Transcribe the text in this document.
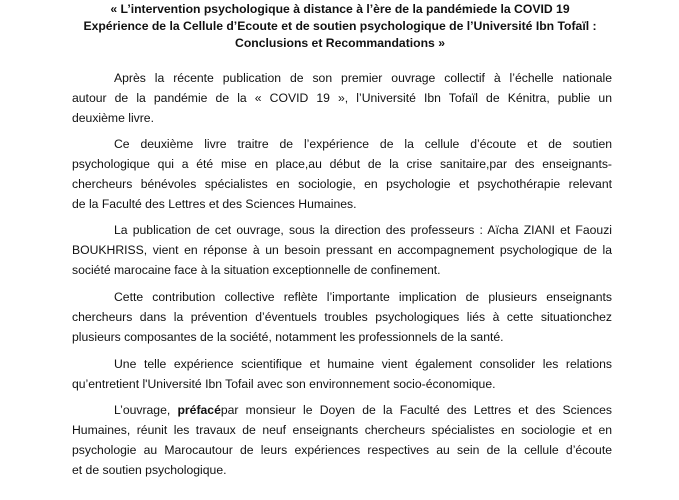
« L’intervention psychologique à distance à l’ère de la pandémiede la COVID 19
Expérience de la Cellule d’Ecoute et de soutien psychologique de l’Université Ibn Tofaïl :
Conclusions et Recommandations »
Après la récente publication de son premier ouvrage collectif à l’échelle nationale
autour de la pandémie de la « COVID 19 », l’Université Ibn Tofaïl de Kénitra, publie un
deuxième livre.
Ce deuxième livre traitre de l’expérience de la cellule d’écoute et de soutien
psychologique qui a été mise en place,au début de la crise sanitaire,par des enseignants-
chercheurs bénévoles spécialistes en sociologie, en psychologie et psychothérapie relevant
de la Faculté des Lettres et des Sciences Humaines.
La publication de cet ouvrage, sous la direction des professeurs : Aïcha ZIANI et Faouzi
BOUKHRISS, vient en réponse à un besoin pressant en accompagnement psychologique de la
société marocaine face à la situation exceptionnelle de confinement.
Cette contribution collective reflète l’importante implication de plusieurs enseignants
chercheurs dans la prévention d’éventuels troubles psychologiques liés à cette situationchez
plusieurs composantes de la société, notamment les professionnels de la santé.
Une telle expérience scientifique et humaine vient également consolider les relations
qu’entretient l'Université Ibn Tofail avec son environnement socio-économique.
L’ouvrage, préfacépar monsieur le Doyen de la Faculté des Lettres et des Sciences
Humaines, réunit les travaux de neuf enseignants chercheurs spécialistes en sociologie et en
psychologie au Marocautour de leurs expériences respectives au sein de la cellule d’écoute
et de soutien psychologique.
